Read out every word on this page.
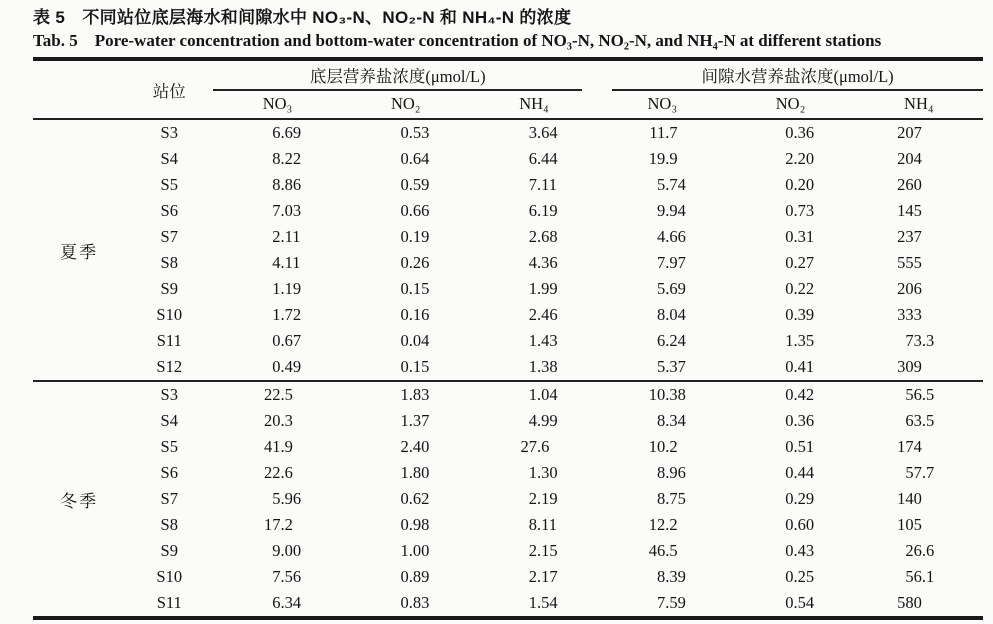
表 5　不同站位底层海水和间隙水中 NO₃-N、NO₂-N 和 NH₄-N 的浓度
Tab. 5　Pore-water concentration and bottom-water concentration of NO₃-N, NO₂-N, and NH₄-N at different stations
	站位	底层营养盐浓度(μmol/L)			间隙水营养盐浓度(μmol/L)		

		NO₃	NO₂	NH₄	NO₃	NO₂	NH₄
夏季	S3	6.69	0.53	3.64	11.7	0.36	207
	S4	8.22	0.64	6.44	19.9	2.20	204
	S5	8.86	0.59	7.11	5.74	0.20	260
	S6	7.03	0.66	6.19	9.94	0.73	145
	S7	2.11	0.19	2.68	4.66	0.31	237
	S8	4.11	0.26	4.36	7.97	0.27	555
	S9	1.19	0.15	1.99	5.69	0.22	206
	S10	1.72	0.16	2.46	8.04	0.39	333
	S11	0.67	0.04	1.43	6.24	1.35	73.3
	S12	0.49	0.15	1.38	5.37	0.41	309
冬季	S3	22.5	1.83	1.04	10.38	0.42	56.5
	S4	20.3	1.37	4.99	8.34	0.36	63.5
	S5	41.9	2.40	27.6	10.2	0.51	174
	S6	22.6	1.80	1.30	8.96	0.44	57.7
	S7	5.96	0.62	2.19	8.75	0.29	140
	S8	17.2	0.98	8.11	12.2	0.60	105
	S9	9.00	1.00	2.15	46.5	0.43	26.6
	S10	7.56	0.89	2.17	8.39	0.25	56.1
	S11	6.34	0.83	1.54	7.59	0.54	580
